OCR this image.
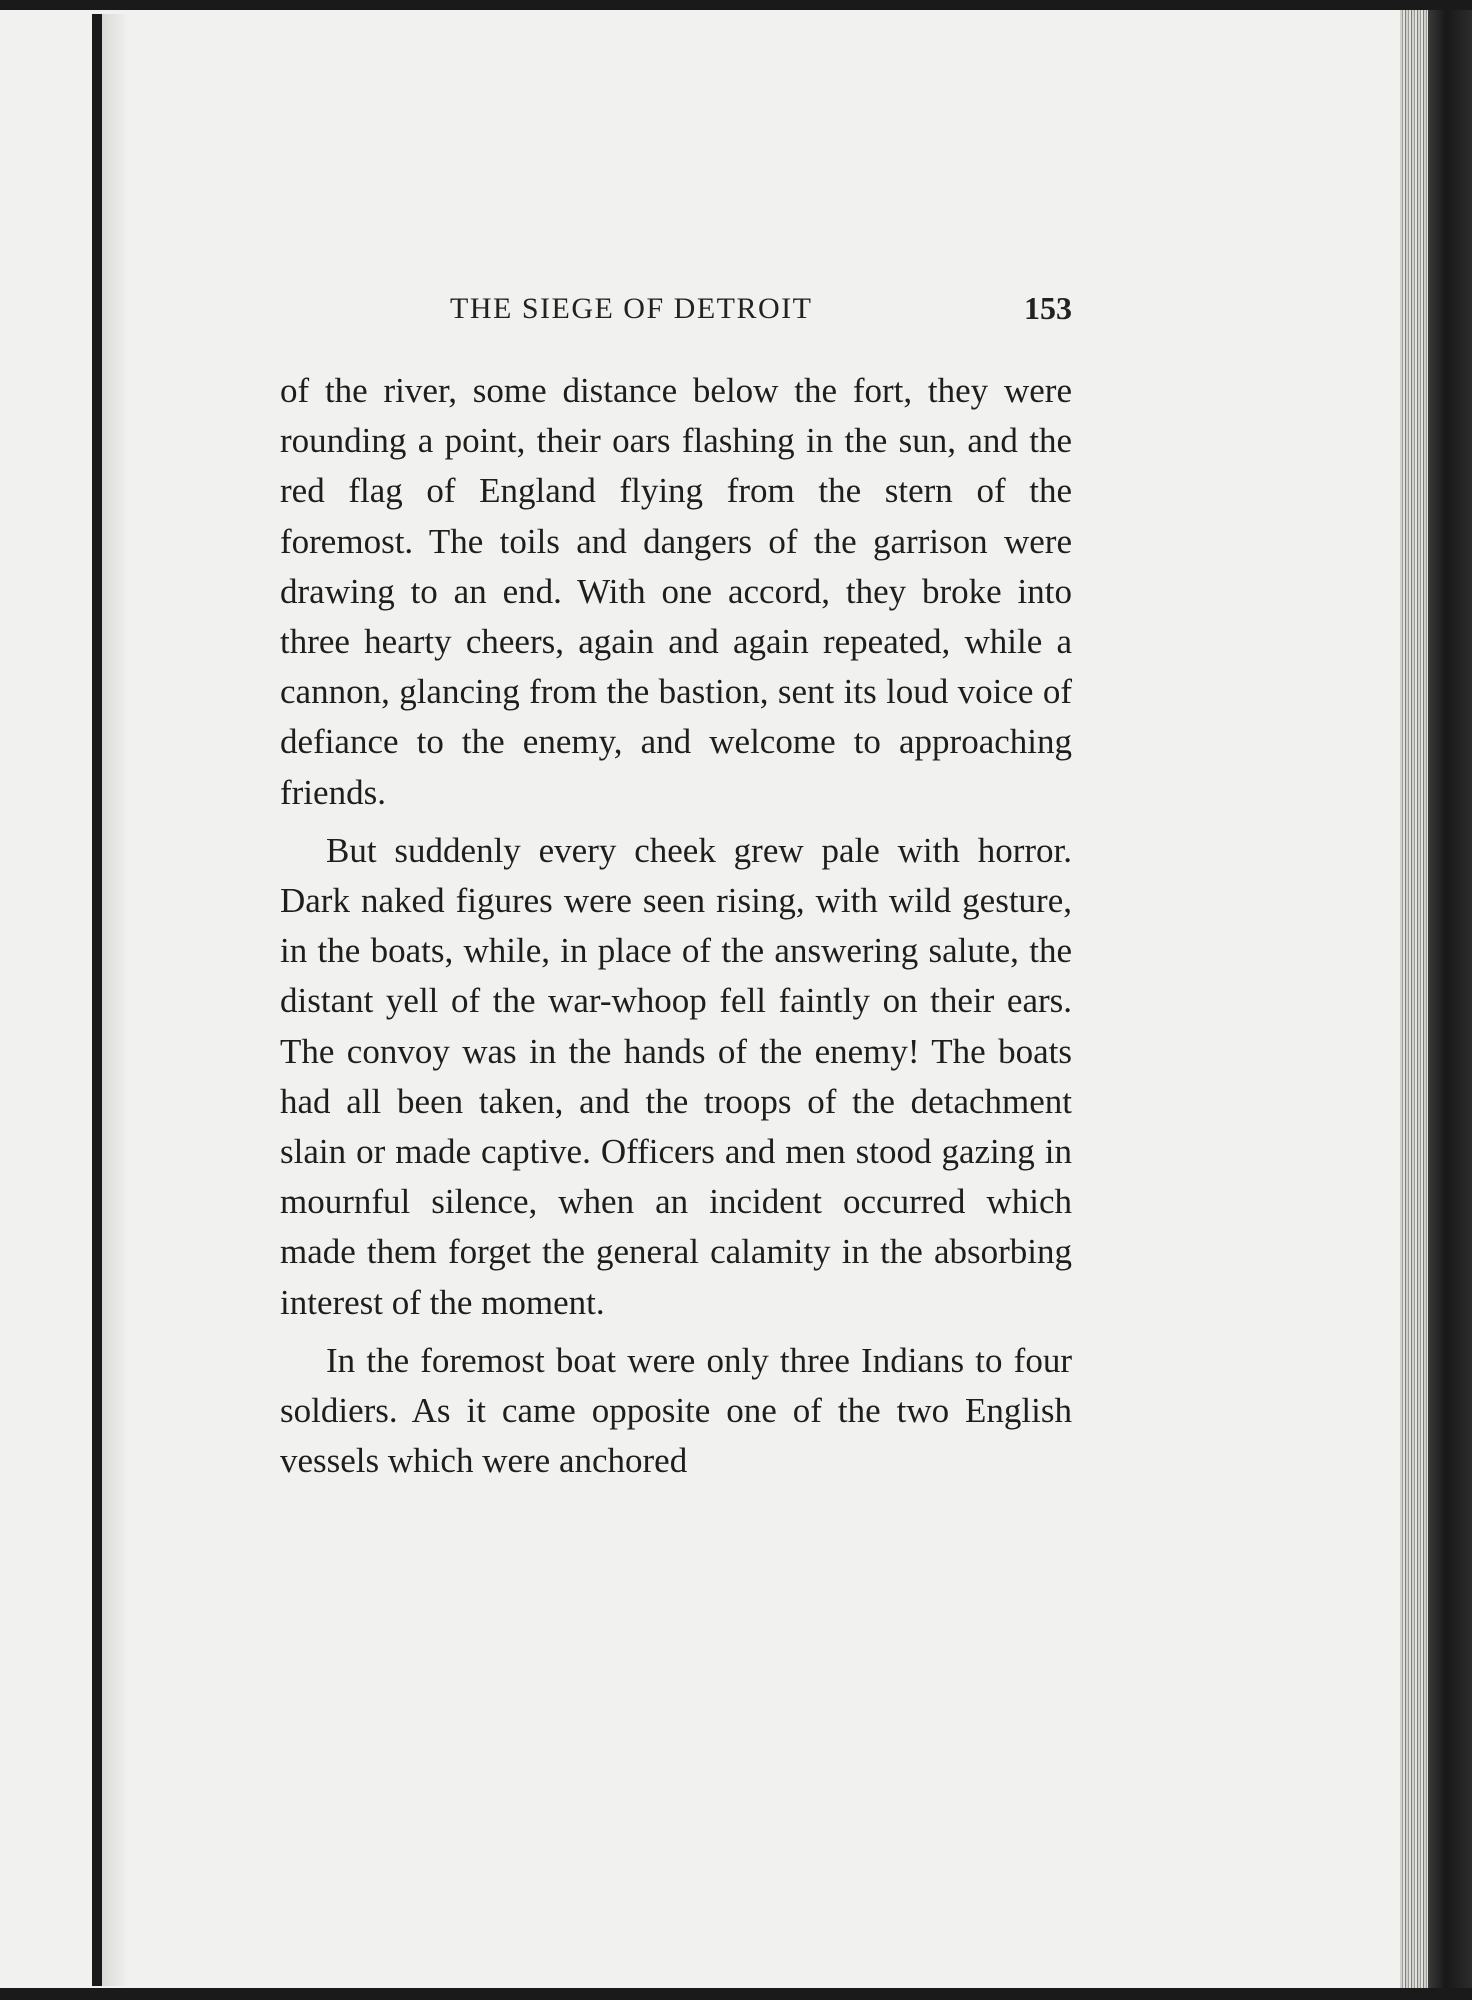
THE SIEGE OF DETROIT	153

of the river, some distance below the fort, they were rounding a point, their oars flashing in the sun, and the red flag of England flying from the stern of the foremost. The toils and dangers of the garrison were drawing to an end. With one accord, they broke into three hearty cheers, again and again repeated, while a cannon, glancing from the bastion, sent its loud voice of defiance to the enemy, and welcome to approaching friends.

But suddenly every cheek grew pale with horror. Dark naked figures were seen rising, with wild gesture, in the boats, while, in place of the answering salute, the distant yell of the war-whoop fell faintly on their ears. The convoy was in the hands of the enemy! The boats had all been taken, and the troops of the detachment slain or made captive. Officers and men stood gazing in mournful silence, when an incident occurred which made them forget the general calamity in the absorbing interest of the moment.

In the foremost boat were only three Indians to four soldiers. As it came opposite one of the two English vessels which were anchored
